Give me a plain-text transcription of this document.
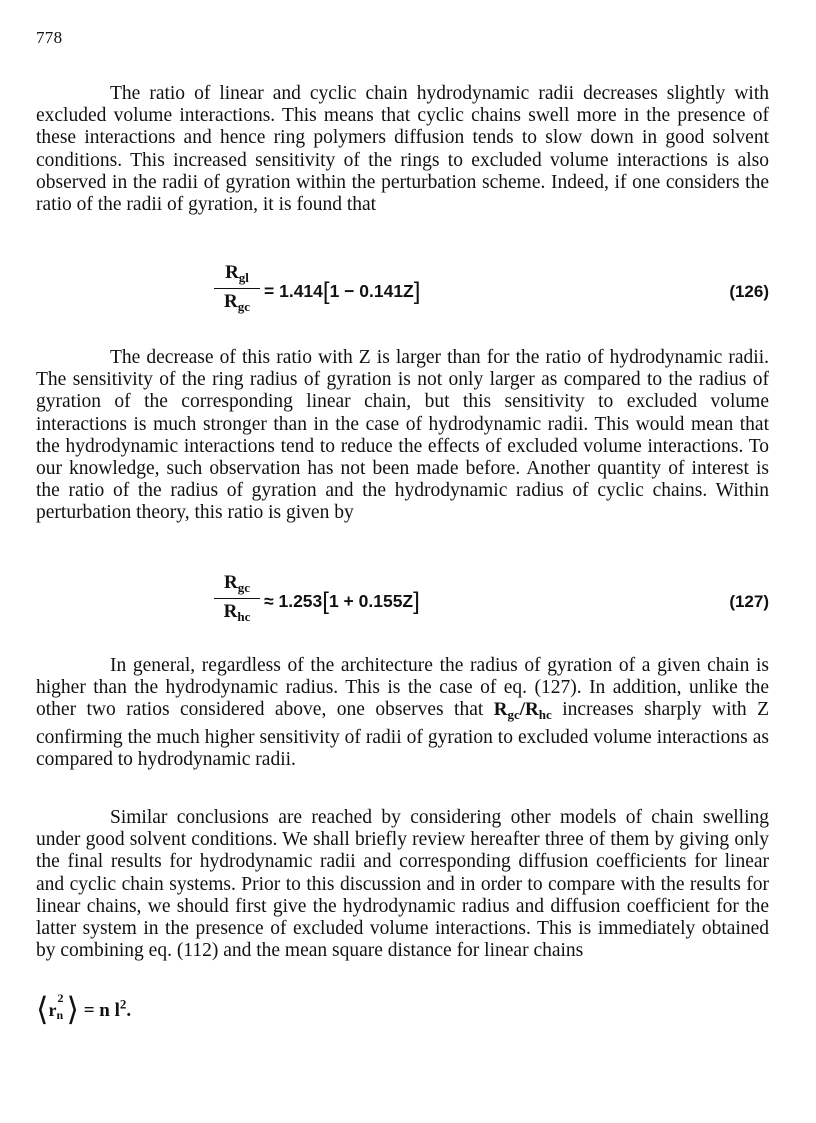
778

The ratio of linear and cyclic chain hydrodynamic radii decreases slightly with excluded volume interactions. This means that cyclic chains swell more in the presence of these interactions and hence ring polymers diffusion tends to slow down in good solvent conditions. This increased sensitivity of the rings to excluded volume interactions is also observed in the radii of gyration within the perturbation scheme. Indeed, if one considers the ratio of the radii of gyration, it is found that

$R_{gl}$
$R_{gc}$
= 1.414[1 − 0.141Z]	(126)

The decrease of this ratio with Z is larger than for the ratio of hydrodynamic radii. The sensitivity of the ring radius of gyration is not only larger as compared to the radius of gyration of the corresponding linear chain, but this sensitivity to excluded volume interactions is much stronger than in the case of hydrodynamic radii. This would mean that the hydrodynamic interactions tend to reduce the effects of excluded volume interactions. To our knowledge, such observation has not been made before. Another quantity of interest is the ratio of the radius of gyration and the hydrodynamic radius of cyclic chains. Within perturbation theory, this ratio is given by

$R_{gc}$
$R_{hc}$
≈ 1.253[1 + 0.155Z]	(127)

In general, regardless of the architecture the radius of gyration of a given chain is higher than the hydrodynamic radius. This is the case of eq. (127). In addition, unlike the other two ratios considered above, one observes that $R_{gc}/R_{hc}$ increases sharply with Z confirming the much higher sensitivity of radii of gyration to excluded volume interactions as compared to hydrodynamic radii.

Similar conclusions are reached by considering other models of chain swelling under good solvent conditions. We shall briefly review hereafter three of them by giving only the final results for hydrodynamic radii and corresponding diffusion coefficients for linear and cyclic chain systems. Prior to this discussion and in order to compare with the results for linear chains, we should first give the hydrodynamic radius and diffusion coefficient for the latter system in the presence of excluded volume interactions. This is immediately obtained by combining eq. (112) and the mean square distance for linear chains

⟨ r
2
n ⟩ = n $l^2$.
